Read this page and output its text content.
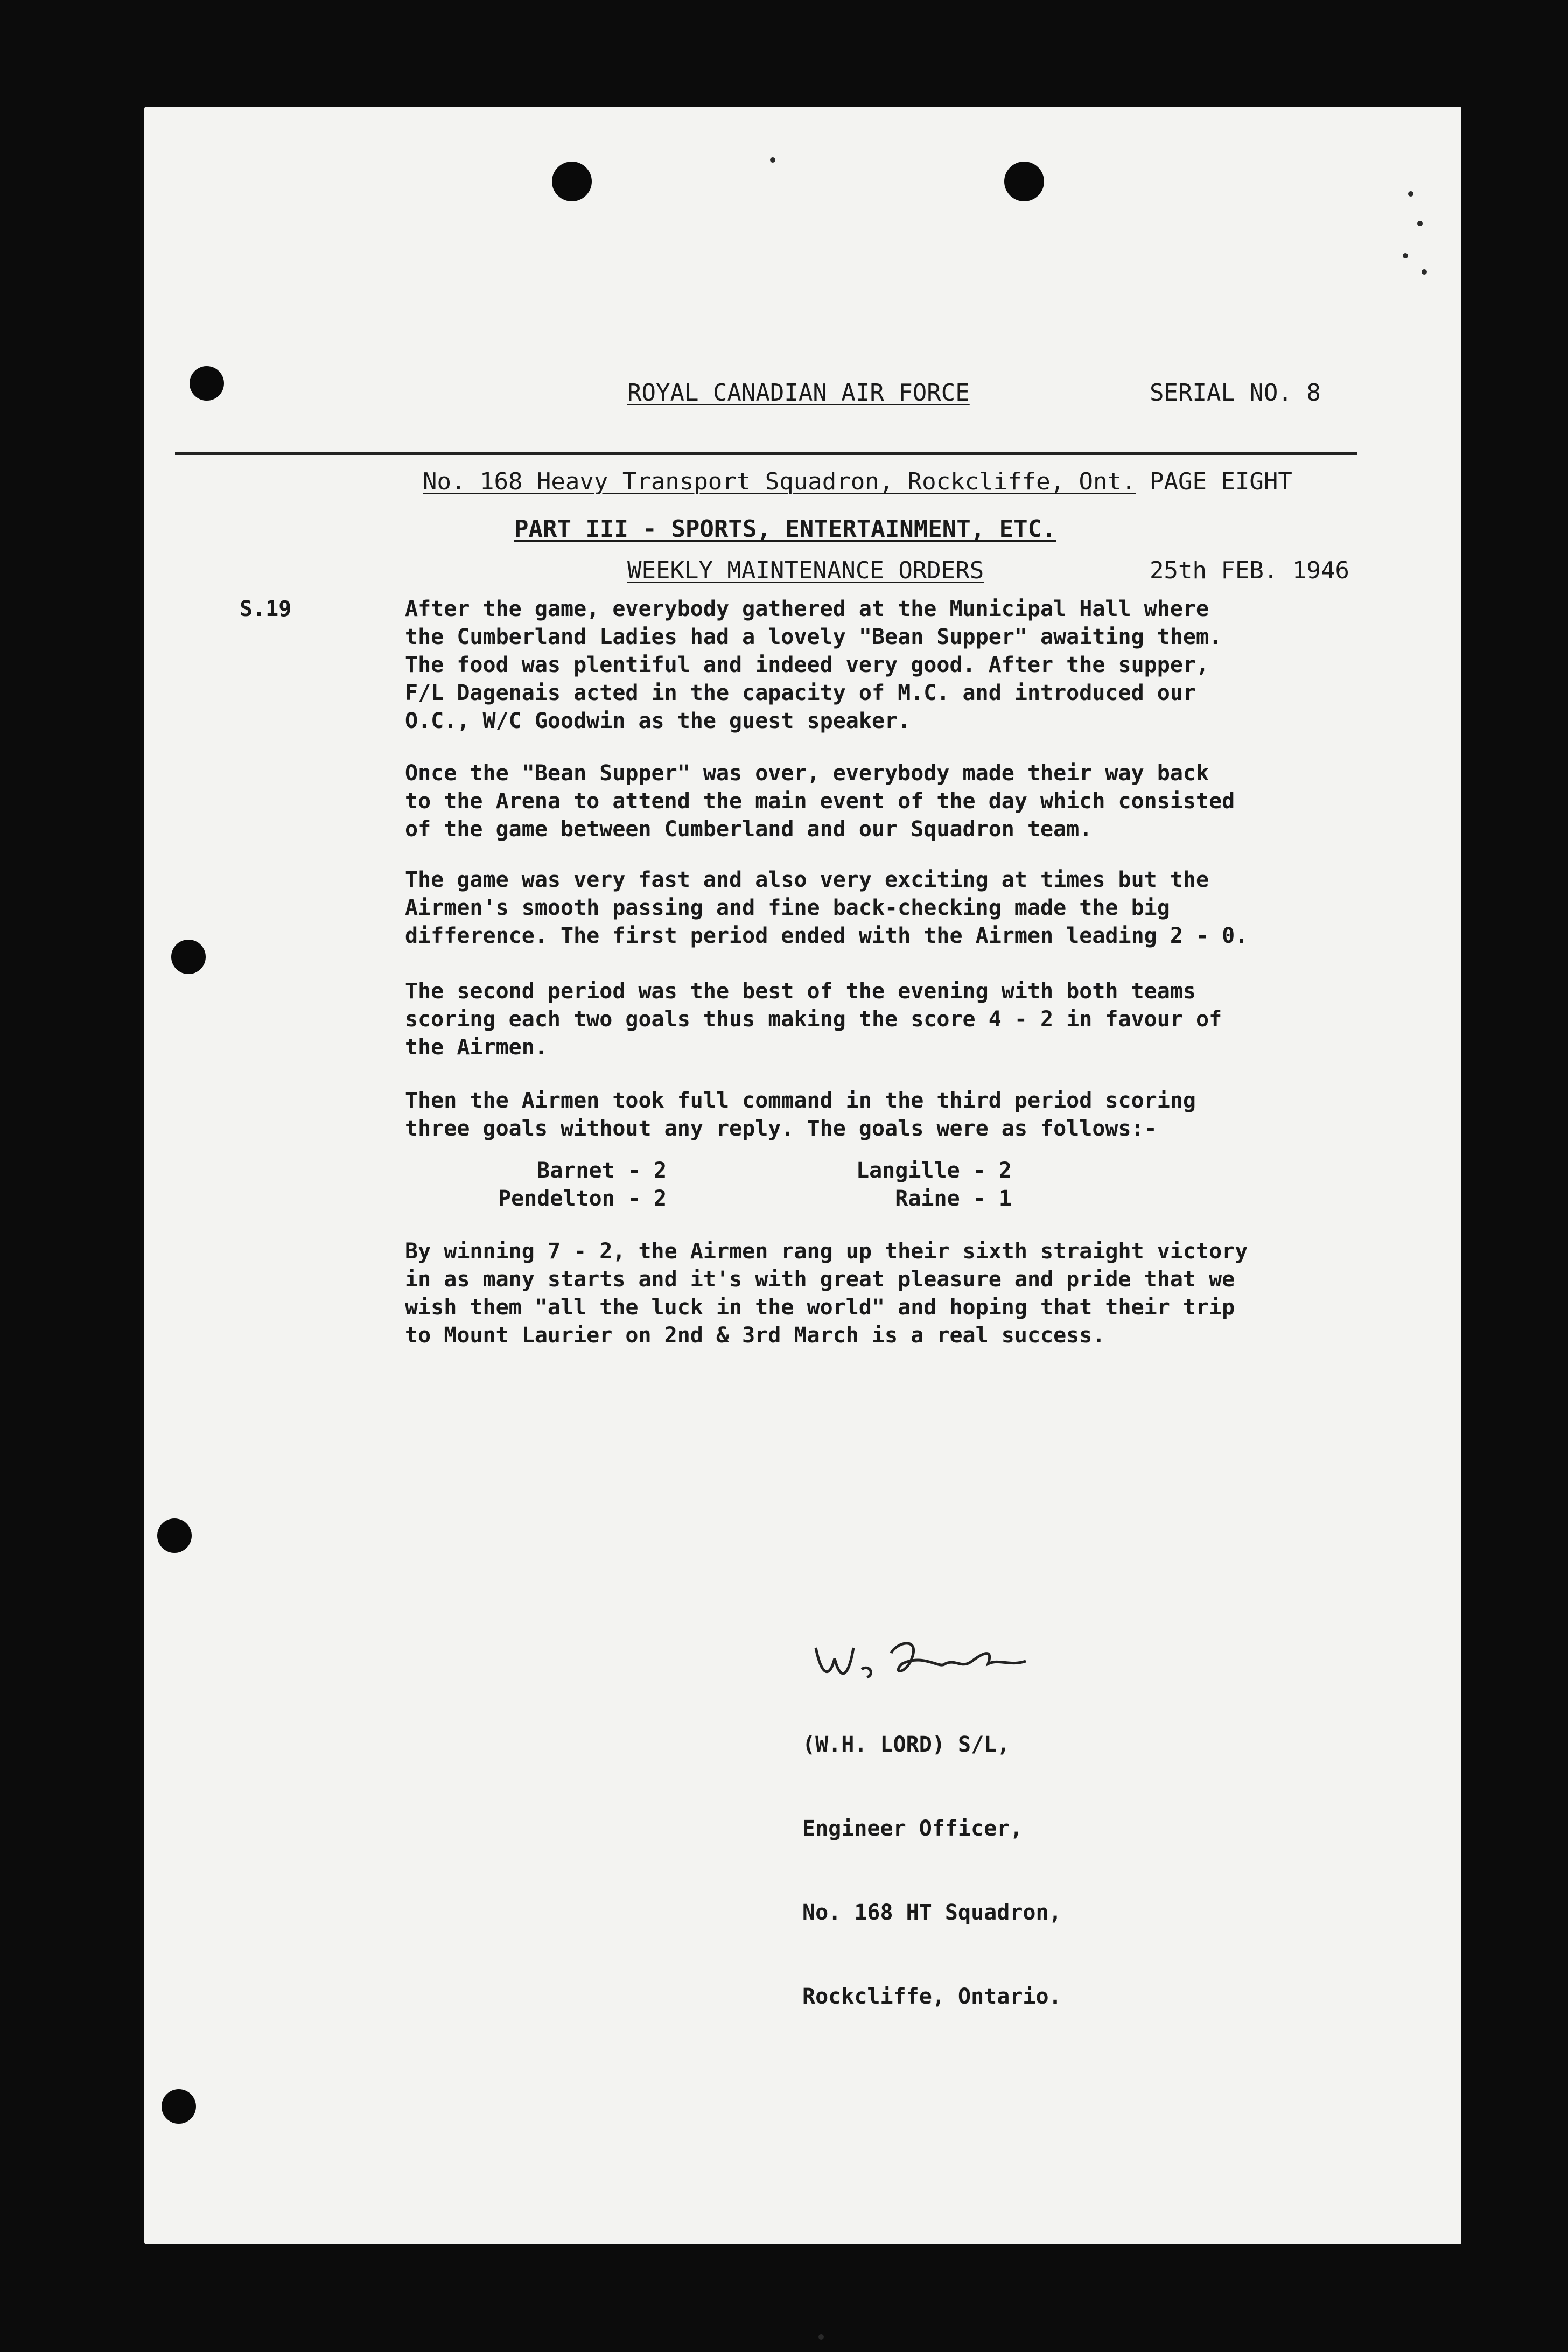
ROYAL CANADIAN AIR FORCE

No. 168 Heavy Transport Squadron, Rockcliffe, Ont.

WEEKLY MAINTENANCE ORDERS

SERIAL NO. 8

PAGE EIGHT

25th FEB. 1946

PART III - SPORTS, ENTERTAINMENT, ETC.
S.19	After the game, everybody gathered at the Municipal Hall where
the Cumberland Ladies had a lovely "Bean Supper" awaiting them.
The food was plentiful and indeed very good. After the supper,
F/L Dagenais acted in the capacity of M.C. and introduced our
O.C., W/C Goodwin as the guest speaker.
Once the "Bean Supper" was over, everybody made their way back
to the Arena to attend the main event of the day which consisted
of the game between Cumberland and our Squadron team.
The game was very fast and also very exciting at times but the
Airmen's smooth passing and fine back-checking made the big
difference. The first period ended with the Airmen leading 2 - 0.
The second period was the best of the evening with both teams
scoring each two goals thus making the score 4 - 2 in favour of
the Airmen.
Then the Airmen took full command in the third period scoring
three goals without any reply. The goals were as follows:-
Barnet - 2
Pendelton - 2
Langille - 2
Raine - 1
By winning 7 - 2, the Airmen rang up their sixth straight victory
in as many starts and it's with great pleasure and pride that we
wish them "all the luck in the world" and hoping that their trip
to Mount Laurier on 2nd & 3rd March is a real success.

(W.H. LORD) S/L,

Engineer Officer,

No. 168 HT Squadron,

Rockcliffe, Ontario.
